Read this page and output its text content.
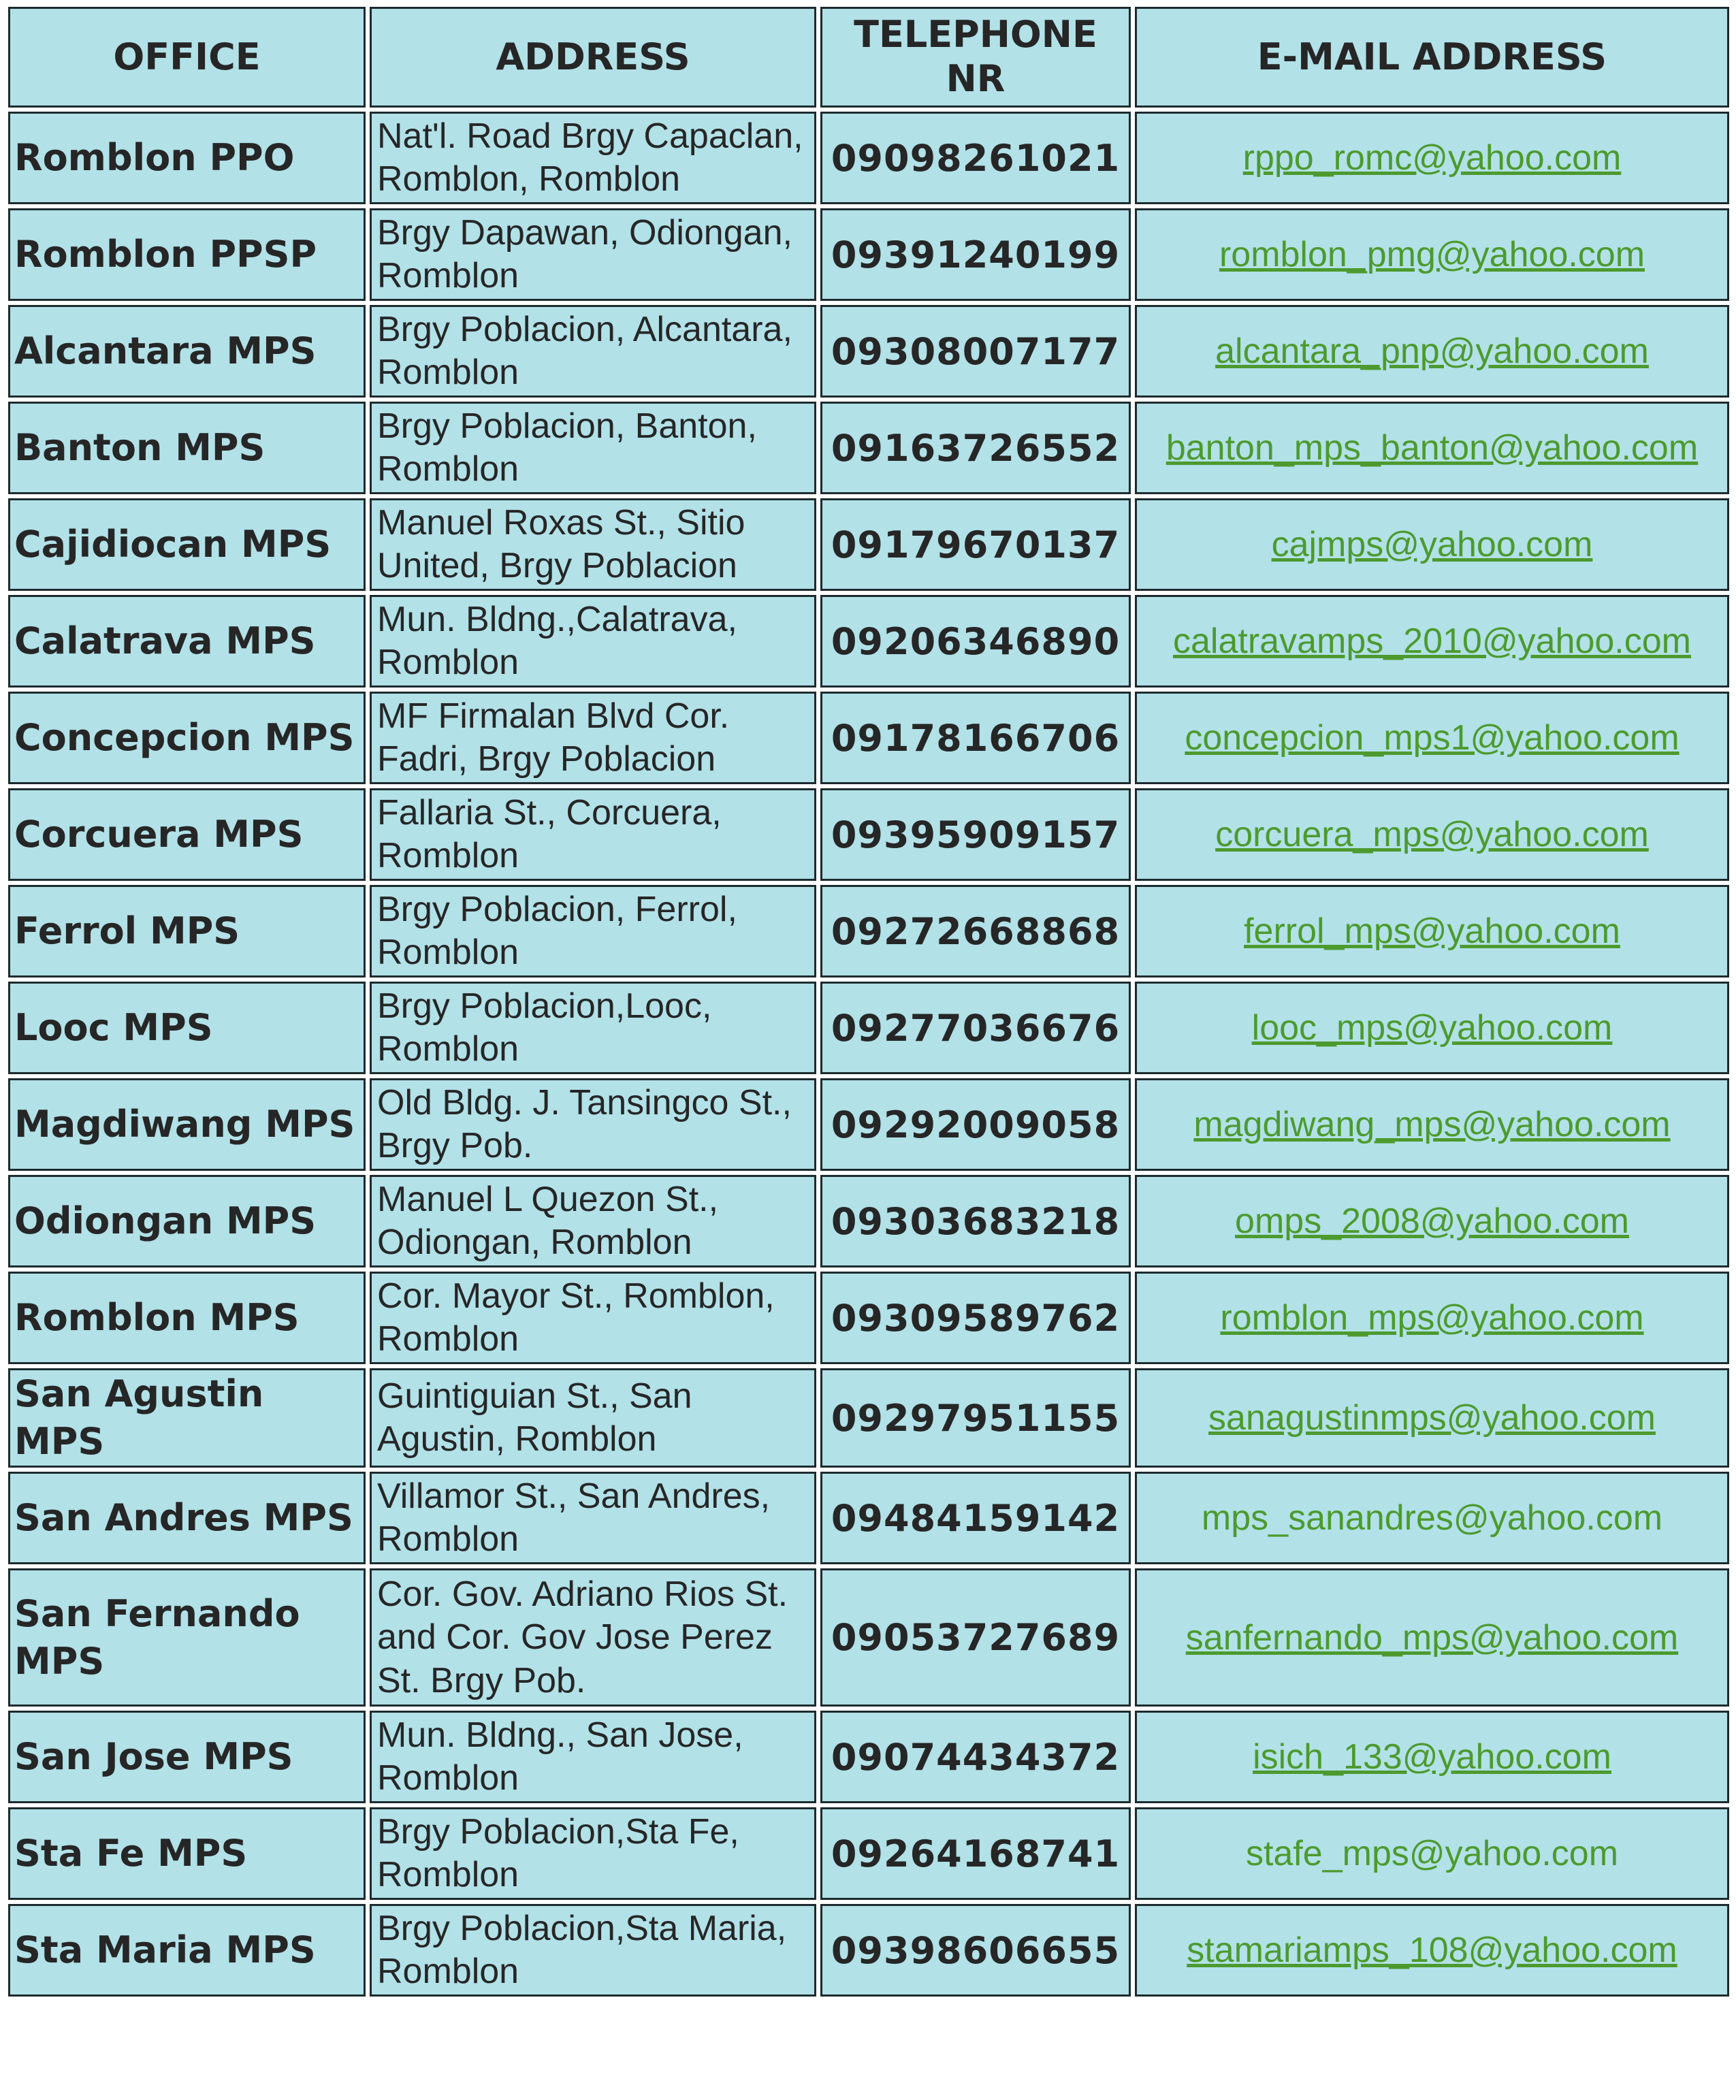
OFFICE	ADDRESS	TELEPHONE NR	E-MAIL ADDRESS
Romblon PPO	Nat'l. Road Brgy Capaclan, Romblon, Romblon	09098261021	rppo_romc@yahoo.com
Romblon PPSP	Brgy Dapawan, Odiongan, Romblon	09391240199	romblon_pmg@yahoo.com
Alcantara MPS	Brgy Poblacion, Alcantara, Romblon	09308007177	alcantara_pnp@yahoo.com
Banton MPS	Brgy Poblacion, Banton, Romblon	09163726552	banton_mps_banton@yahoo.com
Cajidiocan MPS	Manuel Roxas St., Sitio United, Brgy Poblacion	09179670137	cajmps@yahoo.com
Calatrava MPS	Mun. Bldng.,Calatrava, Romblon	09206346890	calatravamps_2010@yahoo.com
Concepcion MPS	MF Firmalan Blvd Cor. Fadri, Brgy Poblacion	09178166706	concepcion_mps1@yahoo.com
Corcuera MPS	Fallaria St., Corcuera, Romblon	09395909157	corcuera_mps@yahoo.com
Ferrol MPS	Brgy Poblacion, Ferrol, Romblon	09272668868	ferrol_mps@yahoo.com
Looc MPS	Brgy Poblacion,Looc, Romblon	09277036676	looc_mps@yahoo.com
Magdiwang MPS	Old Bldg. J. Tansingco St., Brgy Pob.	09292009058	magdiwang_mps@yahoo.com
Odiongan MPS	Manuel L Quezon St., Odiongan, Romblon	09303683218	omps_2008@yahoo.com
Romblon MPS	Cor. Mayor St., Romblon, Romblon	09309589762	romblon_mps@yahoo.com
San Agustin MPS	Guintiguian St., San Agustin, Romblon	09297951155	sanagustinmps@yahoo.com
San Andres MPS	Villamor St., San Andres, Romblon	09484159142	mps_sanandres@yahoo.com
San Fernando MPS	Cor. Gov. Adriano Rios St. and Cor. Gov Jose Perez St. Brgy Pob.	09053727689	sanfernando_mps@yahoo.com
San Jose MPS	Mun. Bldng., San Jose, Romblon	09074434372	isich_133@yahoo.com
Sta Fe MPS	Brgy Poblacion,Sta Fe, Romblon	09264168741	stafe_mps@yahoo.com
Sta Maria MPS	Brgy Poblacion,Sta Maria, Romblon	09398606655	stamariamps_108@yahoo.com
